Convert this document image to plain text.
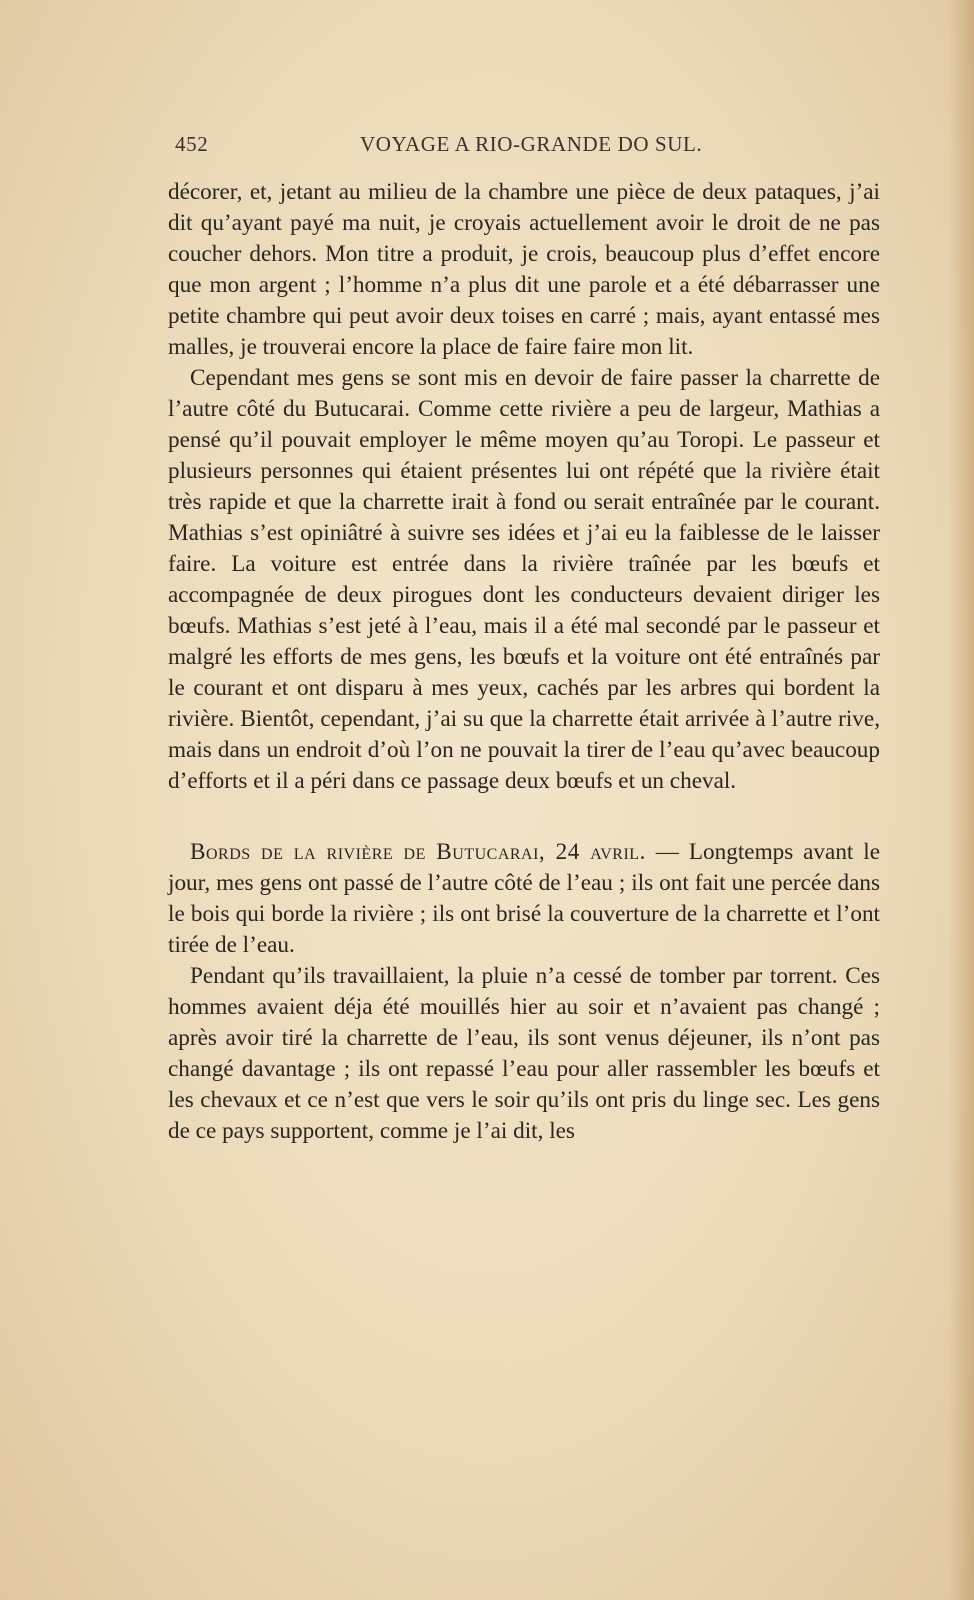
452	VOYAGE A RIO-GRANDE DO SUL.

décorer, et, jetant au milieu de la chambre une pièce de deux pataques, j’ai dit qu’ayant payé ma nuit, je croyais actuellement avoir le droit de ne pas coucher dehors. Mon titre a produit, je crois, beaucoup plus d’effet encore que mon argent ; l’homme n’a plus dit une parole et a été débarrasser une petite chambre qui peut avoir deux toises en carré ; mais, ayant entassé mes malles, je trouverai encore la place de faire faire mon lit.

Cependant mes gens se sont mis en devoir de faire passer la charrette de l’autre côté du Butucarai. Comme cette rivière a peu de largeur, Mathias a pensé qu’il pouvait employer le même moyen qu’au Toropi. Le passeur et plusieurs personnes qui étaient présentes lui ont répété que la rivière était très rapide et que la charrette irait à fond ou serait entraînée par le courant. Mathias s’est opiniâtré à suivre ses idées et j’ai eu la faiblesse de le laisser faire. La voiture est entrée dans la rivière traînée par les bœufs et accompagnée de deux pirogues dont les conducteurs devaient diriger les bœufs. Mathias s’est jeté à l’eau, mais il a été mal secondé par le passeur et malgré les efforts de mes gens, les bœufs et la voiture ont été entraînés par le courant et ont disparu à mes yeux, cachés par les arbres qui bordent la rivière. Bientôt, cependant, j’ai su que la charrette était arrivée à l’autre rive, mais dans un endroit d’où l’on ne pouvait la tirer de l’eau qu’avec beaucoup d’efforts et il a péri dans ce passage deux bœufs et un cheval.

Bords de la rivière de Butucarai, 24 avril. — Longtemps avant le jour, mes gens ont passé de l’autre côté de l’eau ; ils ont fait une percée dans le bois qui borde la rivière ; ils ont brisé la couverture de la charrette et l’ont tirée de l’eau.

Pendant qu’ils travaillaient, la pluie n’a cessé de tomber par torrent. Ces hommes avaient déja été mouillés hier au soir et n’avaient pas changé ; après avoir tiré la charrette de l’eau, ils sont venus déjeuner, ils n’ont pas changé davantage ; ils ont repassé l’eau pour aller rassembler les bœufs et les chevaux et ce n’est que vers le soir qu’ils ont pris du linge sec. Les gens de ce pays supportent, comme je l’ai dit, les
